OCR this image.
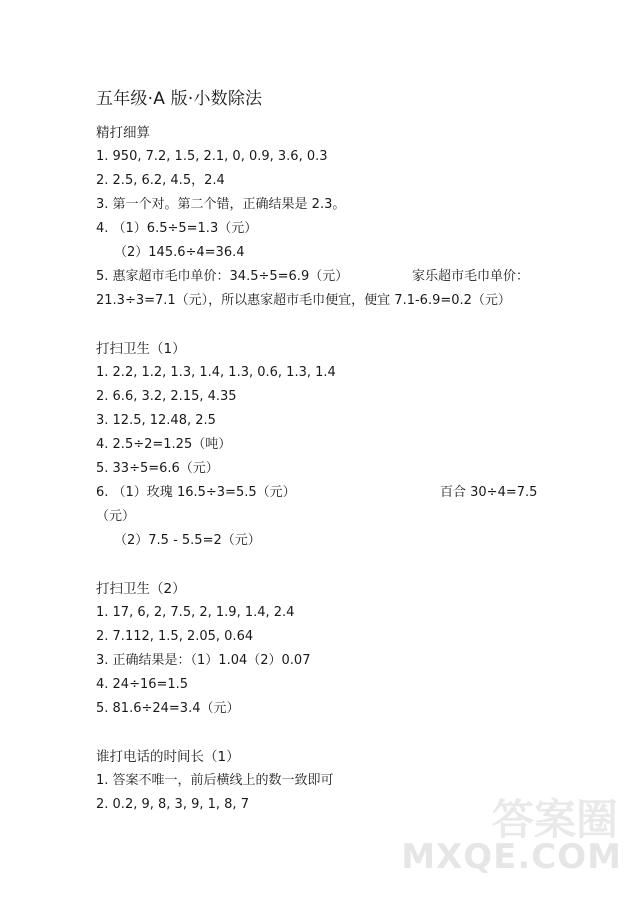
五年级·A 版·小数除法
精打细算
1. 950, 7.2, 1.5, 2.1, 0, 0.9, 3.6, 0.3
2. 2.5, 6.2, 4.5，2.4
3. 第一个对。第二个错，正确结果是 2.3。
4. （1）6.5÷5=1.3（元）
（2）145.6÷4=36.4
5. 惠家超市毛巾单价：34.5÷5=6.9（元）	家乐超市毛巾单价：
21.3÷3=7.1（元），所以惠家超市毛巾便宜，便宜 7.1-6.9=0.2（元）
打扫卫生（1）
1. 2.2, 1.2, 1.3, 1.4, 1.3, 0.6, 1.3, 1.4
2. 6.6, 3.2, 2.15, 4.35
3. 12.5, 12.48, 2.5
4. 2.5÷2=1.25（吨）
5. 33÷5=6.6（元）
6. （1）玫瑰 16.5÷3=5.5（元）	百合 30÷4=7.5
（元）
（2）7.5 - 5.5=2（元）
打扫卫生（2）
1. 17, 6, 2, 7.5, 2, 1.9, 1.4, 2.4
2. 7.112, 1.5, 2.05, 0.64
3. 正确结果是：（1）1.04（2）0.07
4. 24÷16=1.5
5. 81.6÷24=3.4（元）
谁打电话的时间长（1）
1. 答案不唯一，前后横线上的数一致即可
2. 0.2, 9, 8, 3, 9, 1, 8, 7	答案圈
MXQE.COM
